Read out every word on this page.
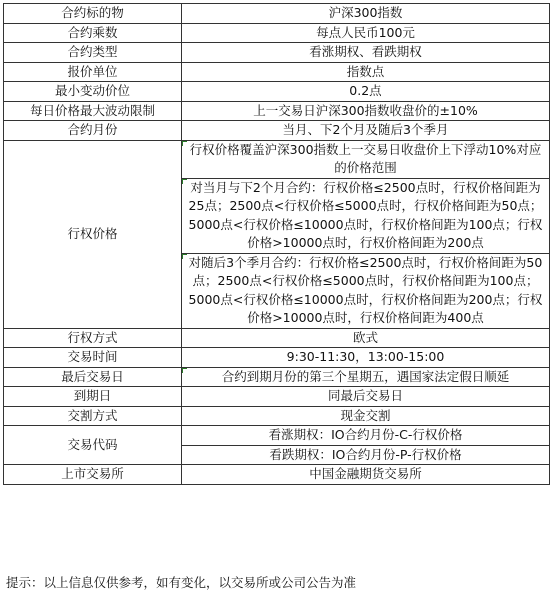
合约标的物	沪深300指数
合约乘数	每点人民币100元
合约类型	看涨期权、看跌期权
报价单位	指数点
最小变动价位	0.2点
每日价格最大波动限制	上一交易日沪深300指数收盘价的±10%
合约月份	当月、下2个月及随后3个季月
行权价格	行权价格覆盖沪深300指数上一交易日收盘价上下浮动10%对应的价格范围
	对当月与下2个月合约：行权价格≤2500点时，行权价格间距为25点；2500点<行权价格≤5000点时，行权价格间距为50点；5000点<行权价格≤10000点时，行权价格间距为100点；行权价格>10000点时，行权价格间距为200点
	对随后3个季月合约：行权价格≤2500点时，行权价格间距为50点；2500点<行权价格≤5000点时，行权价格间距为100点；5000点<行权价格≤10000点时，行权价格间距为200点；行权价格>10000点时，行权价格间距为400点
行权方式	欧式
交易时间	9:30-11:30，13:00-15:00
最后交易日	合约到期月份的第三个星期五，遇国家法定假日顺延
到期日	同最后交易日
交割方式	现金交割
交易代码	看涨期权：IO合约月份-C-行权价格
	看跌期权：IO合约月份-P-行权价格
上市交易所	中国金融期货交易所
提示：以上信息仅供参考，如有变化，以交易所或公司公告为准
